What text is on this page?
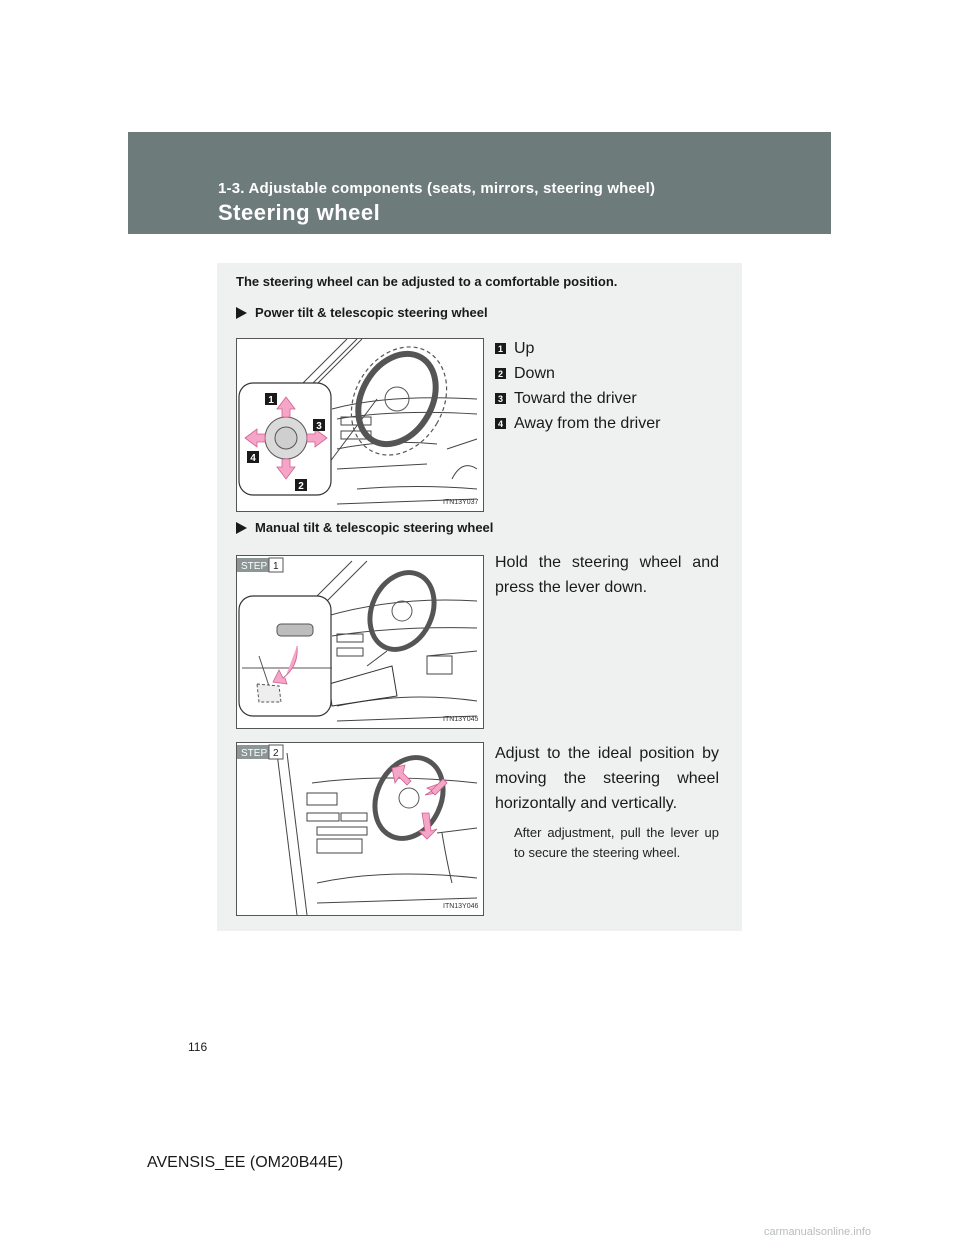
1-3. Adjustable components (seats, mirrors, steering wheel)
Steering wheel
The steering wheel can be adjusted to a comfortable position.
Power tilt & telescopic steering wheel
1
2
3
4
ITN13Y037
1 Up
2 Down
3 Toward the driver
4 Away from the driver
Manual tilt & telescopic steering wheel
STEP 1
ITN13Y045
Hold the steering wheel and press the lever down.
STEP 2
ITN13Y046
Adjust to the ideal position by moving the steering wheel horizontally and vertically.
After adjustment, pull the lever up to secure the steering wheel.
116
AVENSIS_EE (OM20B44E)
carmanualsonline.info
